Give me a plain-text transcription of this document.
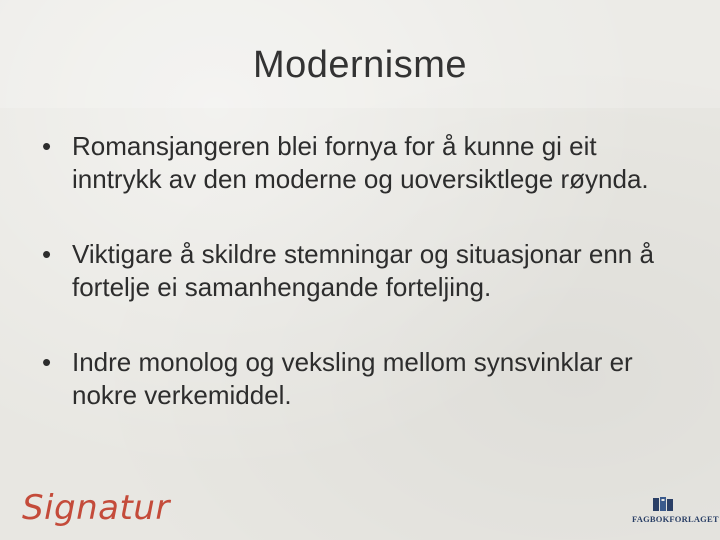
Modernisme
• Romansjangeren blei fornya for å kunne gi eit inntrykk av den moderne og uoversiktlege røynda.
• Viktigare å skildre stemningar og situasjonar enn å fortelje ei samanhengande forteljing.
• Indre monolog og veksling mellom synsvinklar er nokre verkemiddel.
Signatur	FAGBOKFORLAGET
